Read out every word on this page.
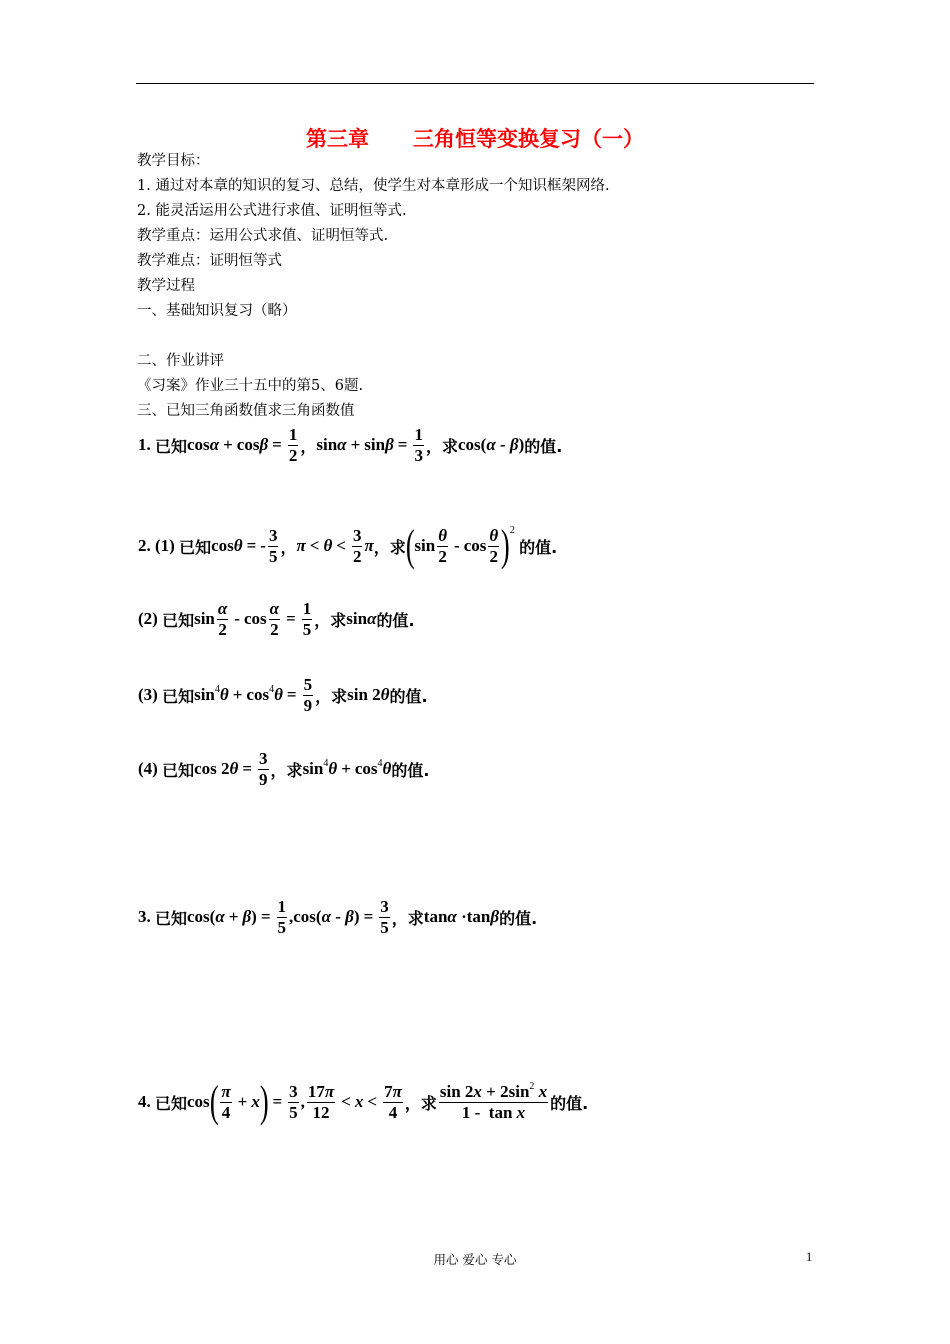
第三章 三角恒等变换复习（一）
教学目标：
1. 通过对本章的知识的复习、总结，使学生对本章形成一个知识框架网络.
2. 能灵活运用公式进行求值、证明恒等式.
教学重点：运用公式求值、证明恒等式.
教学难点：证明恒等式
教学过程
一、基础知识复习（略）
二、作业讲评
《习案》作业三十五中的第5、6题.
三、已知三角函数值求三角函数值
1.
已知 $\cos\alpha + \cos\beta = \frac{1}{2}$ ， $\sin\alpha + \sin\beta = \frac{1}{3}$ ， 求 cos(α - β) 的值.
2. (1)
已知 cosθ = - $\frac{3}{5}$ ， $\pi < \theta < \frac{3}{2}$ π ， 求 ( $\sin \frac{\theta}{2}$ - $\cos \frac{\theta}{2}$ ) 2

的值.
(2)
已知 $\sin \frac{\alpha}{2} - \cos \frac{\alpha}{2} = \frac{1}{5}$ ， 求 sinα 的值.
(3)
已知 $\sin^4\theta + \cos^4\theta = \frac{5}{9}$ ， 求 sin 2θ 的值.
(4)
已知 $\cos 2\theta = \frac{3}{9}$ ， 求 $\sin^4\theta + \cos^4\theta$ 的值.
3.
已知 $\cos(\alpha + \beta) = \frac{1}{5} ,\cos(\alpha - \beta) = \frac{3}{5}$ ， 求 tanα ·tanβ 的值.
4.
已知 cos ( $\frac{\pi}{4} + x$ ) = $\frac{3}{5}$ , $\frac{17\pi}{12} < x < \frac{7\pi}{4}$ ， 求 $\frac{\sin 2x + 2\sin^2 x}{\text{1 -  tan x}}$ 的值.
用心 爱心 专心	1
